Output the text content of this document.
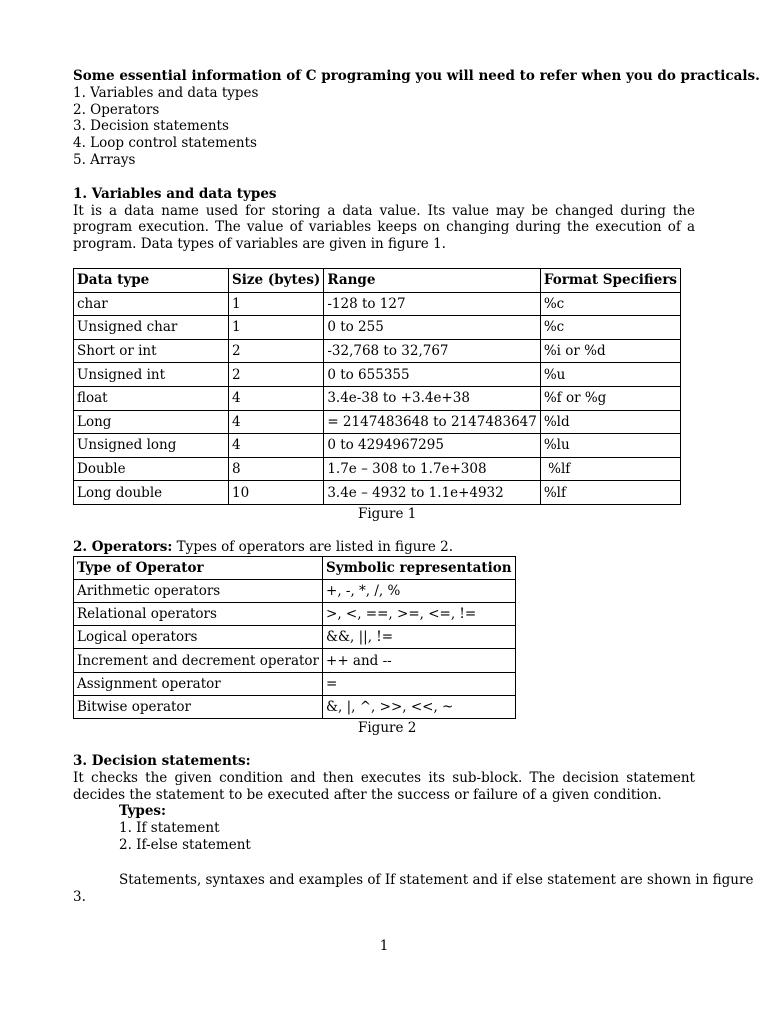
Some essential information of C programing you will need to refer when you do practicals.
1. Variables and data types
2. Operators
3. Decision statements
4. Loop control statements
5. Arrays
1. Variables and data types
It is a data name used for storing a data value. Its value may be changed during the program execution. The value of variables keeps on changing during the execution of a program. Data types of variables are given in figure 1.
Data type	Size (bytes)	Range	Format Specifiers
char	1	-128 to 127	%c
Unsigned char	1	0 to 255	%c
Short or int	2	-32,768 to 32,767	%i or %d
Unsigned int	2	0 to 655355	%u
float	4	3.4e-38 to +3.4e+38	%f or %g
Long	4	= 2147483648 to 2147483647	%ld
Unsigned long	4	0 to 4294967295	%lu
Double	8	1.7e – 308 to 1.7e+308	%lf
Long double	10	3.4e – 4932 to 1.1e+4932	%lf
Figure 1
2. Operators: Types of operators are listed in figure 2.
Type of Operator	Symbolic representation
Arithmetic operators	+, -, *, /, %
Relational operators	>, <, ==, >=, <=, !=
Logical operators	&&, ||, !=
Increment and decrement operator	++ and --
Assignment operator	=
Bitwise operator	&, |, ^, >>, <<, ~
Figure 2
3. Decision statements:
It checks the given condition and then executes its sub-block. The decision statement decides the statement to be executed after the success or failure of a given condition.
Types:
1. If statement
2. If-else statement
Statements, syntaxes and examples of If statement and if else statement are shown in figure
3.
1
